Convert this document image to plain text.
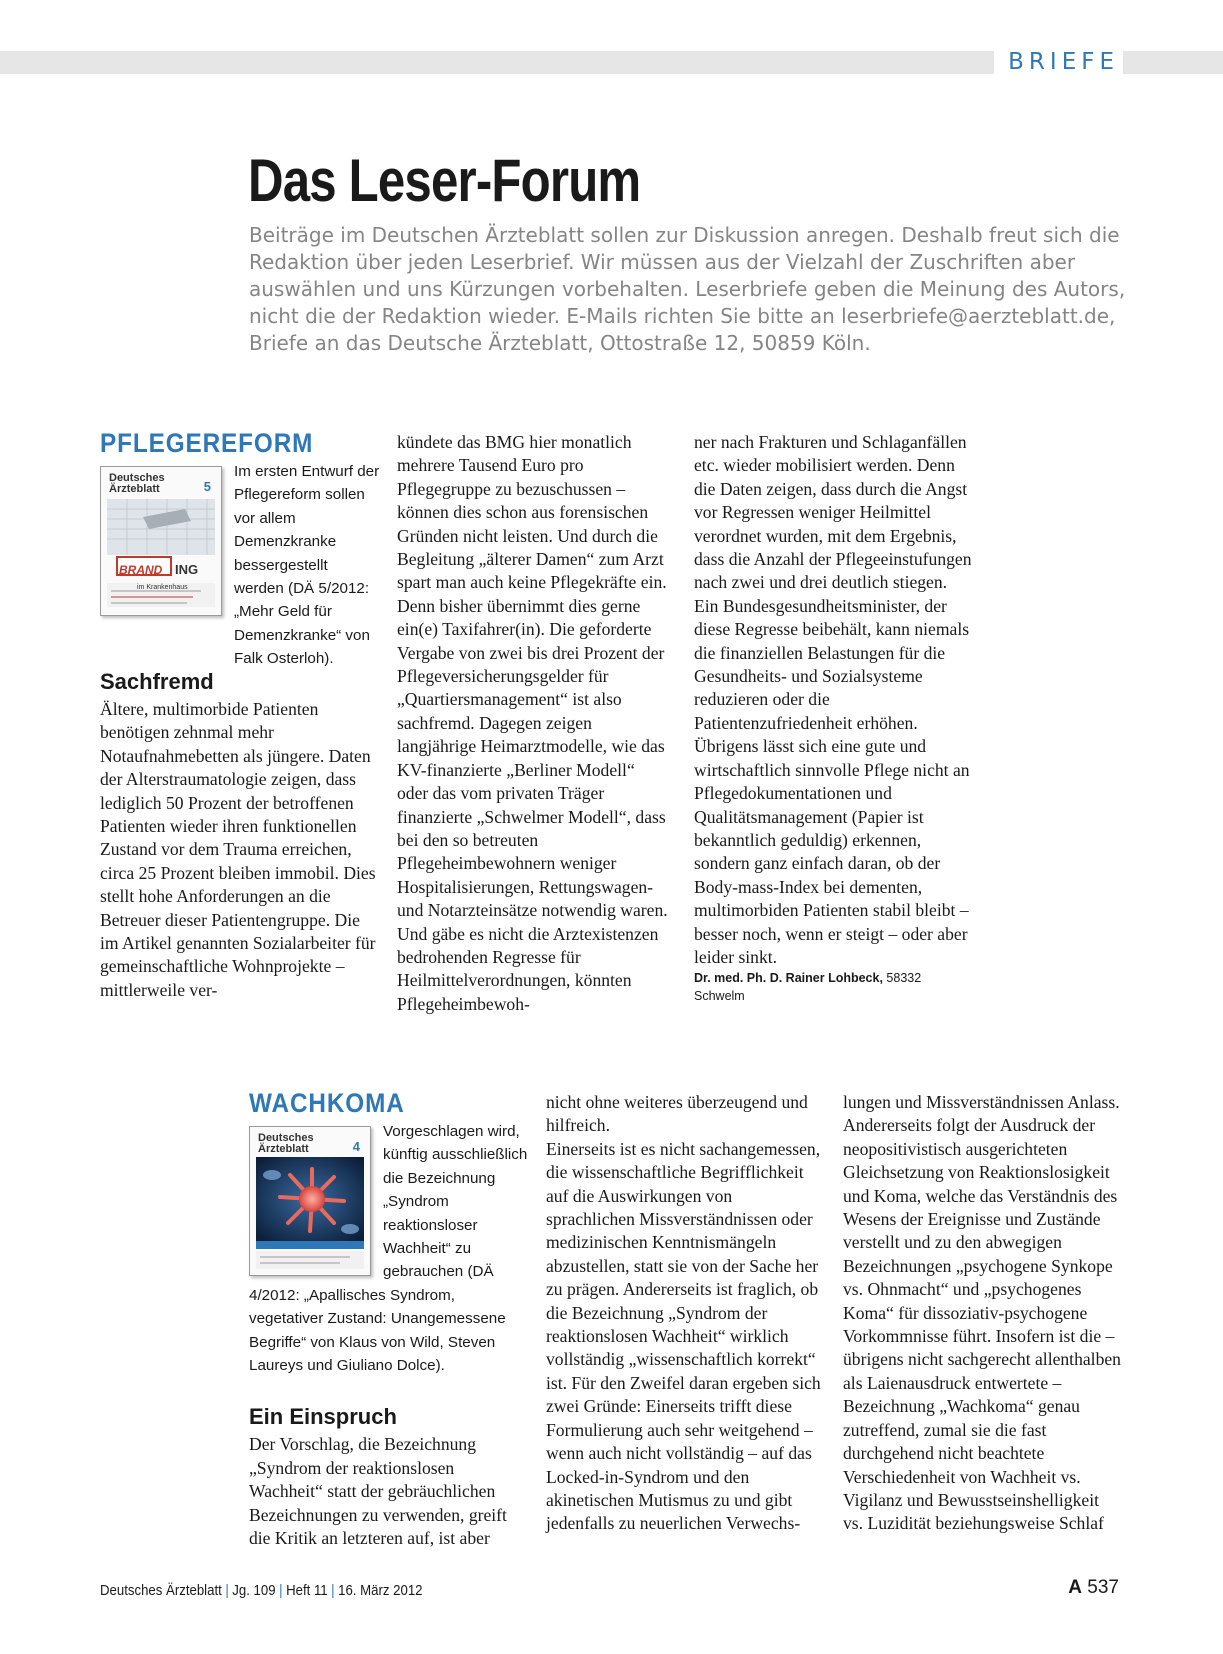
BRIEFE
Das Leser-Forum

Beiträge im Deutschen Ärzteblatt sollen zur Diskussion anregen. Deshalb freut sich die Redaktion über jeden Leserbrief. Wir müssen aus der Vielzahl der Zuschriften aber auswählen und uns Kürzungen vorbehalten. Leserbriefe geben die Meinung des Autors, nicht die der Redaktion wieder. E-Mails richten Sie bitte an leserbriefe@aerzteblatt.de, Briefe an das Deutsche Ärzteblatt, Ottostraße 12, 50859 Köln.

PFLEGEREFORM
Deutsches
Ärzteblatt	5
BRAND ING
im Krankenhaus
Im ersten Entwurf der Pflegereform sollen vor allem Demenzkranke bessergestellt werden (DÄ 5/2012: „Mehr Geld für Demenzkranke“ von Falk Osterloh).
Sachfremd

Ältere, multimorbide Patienten benötigen zehnmal mehr Notaufnahmebetten als jüngere. Daten der Alterstraumatologie zeigen, dass lediglich 50 Prozent der betroffenen Patienten wieder ihren funktionellen Zustand vor dem Trauma erreichen, circa 25 Prozent bleiben immobil. Dies stellt hohe Anforderungen an die Betreuer dieser Patientengruppe. Die im Artikel genannten Sozialarbeiter für gemeinschaftliche Wohnprojekte – mittlerweile ver-

kündete das BMG hier monatlich mehrere Tausend Euro pro Pflegegruppe zu bezuschussen – können dies schon aus forensischen Gründen nicht leisten. Und durch die Begleitung „älterer Damen“ zum Arzt spart man auch keine Pflegekräfte ein. Denn bisher übernimmt dies gerne ein(e) Taxifahrer(in). Die geforderte Vergabe von zwei bis drei Prozent der Pflegeversicherungsgelder für „Quartiersmanagement“ ist also sachfremd. Dagegen zeigen langjährige Heimarztmodelle, wie das KV-finanzierte „Berliner Modell“ oder das vom privaten Träger finanzierte „Schwelmer Modell“, dass bei den so betreuten Pflegeheimbewohnern weniger Hospitalisierungen, Rettungswagen- und Notarzteinsätze notwendig waren. Und gäbe es nicht die Arztexistenzen bedrohenden Regresse für Heilmittelverordnungen, könnten Pflegeheimbewoh-

ner nach Frakturen und Schlaganfällen etc. wieder mobilisiert werden. Denn die Daten zeigen, dass durch die Angst vor Regressen weniger Heilmittel verordnet wurden, mit dem Ergebnis, dass die Anzahl der Pflegeeinstufungen nach zwei und drei deutlich stiegen.

Ein Bundesgesundheitsminister, der diese Regresse beibehält, kann niemals die finanziellen Belastungen für die Gesundheits- und Sozialsysteme reduzieren oder die Patientenzufriedenheit erhöhen.

Übrigens lässt sich eine gute und wirtschaftlich sinnvolle Pflege nicht an Pflegedokumentationen und Qualitätsmanagement (Papier ist bekanntlich geduldig) erkennen, sondern ganz einfach daran, ob der Body-mass-Index bei dementen, multimorbiden Patienten stabil bleibt – besser noch, wenn er steigt – oder aber leider sinkt.

Dr. med. Ph. D. Rainer Lohbeck, 58332 Schwelm

WACHKOMA
Deutsches
Ärzteblatt	4
Vorgeschlagen wird, künftig ausschließlich die Bezeichnung „Syndrom reaktionsloser Wachheit“ zu gebrauchen (DÄ 4/2012: „Apallisches Syndrom, vegetativer Zustand: Unangemessene Begriffe“ von Klaus von Wild, Steven Laureys und Giuliano Dolce).
Ein Einspruch

Der Vorschlag, die Bezeichnung „Syndrom der reaktionslosen Wachheit“ statt der gebräuchlichen Bezeichnungen zu verwenden, greift die Kritik an letzteren auf, ist aber

nicht ohne weiteres überzeugend und hilfreich.

Einerseits ist es nicht sachangemessen, die wissenschaftliche Begrifflichkeit auf die Auswirkungen von sprachlichen Missverständnissen oder medizinischen Kenntnismängeln abzustellen, statt sie von der Sache her zu prägen. Andererseits ist fraglich, ob die Bezeichnung „Syndrom der reaktionslosen Wachheit“ wirklich vollständig „wissenschaftlich korrekt“ ist. Für den Zweifel daran ergeben sich zwei Gründe: Einerseits trifft diese Formulierung auch sehr weitgehend – wenn auch nicht vollständig – auf das Locked-in-Syndrom und den akinetischen Mutismus zu und gibt jedenfalls zu neuerlichen Verwechs-

lungen und Missverständnissen Anlass. Andererseits folgt der Ausdruck der neopositivistisch ausgerichteten Gleichsetzung von Reaktionslosigkeit und Koma, welche das Verständnis des Wesens der Ereignisse und Zustände verstellt und zu den abwegigen Bezeichnungen „psychogene Synkope vs. Ohnmacht“ und „psychogenes Koma“ für dissoziativ-psychogene Vorkommnisse führt. Insofern ist die – übrigens nicht sachgerecht allenthalben als Laienausdruck entwertete – Bezeichnung „Wachkoma“ genau zutreffend, zumal sie die fast durchgehend nicht beachtete Verschiedenheit von Wachheit vs. Vigilanz und Bewusstseinshelligkeit vs. Luzidität beziehungsweise Schlaf

Deutsches Ärzteblatt | Jg. 109 | Heft 11 | 16. März 2012	A 537
